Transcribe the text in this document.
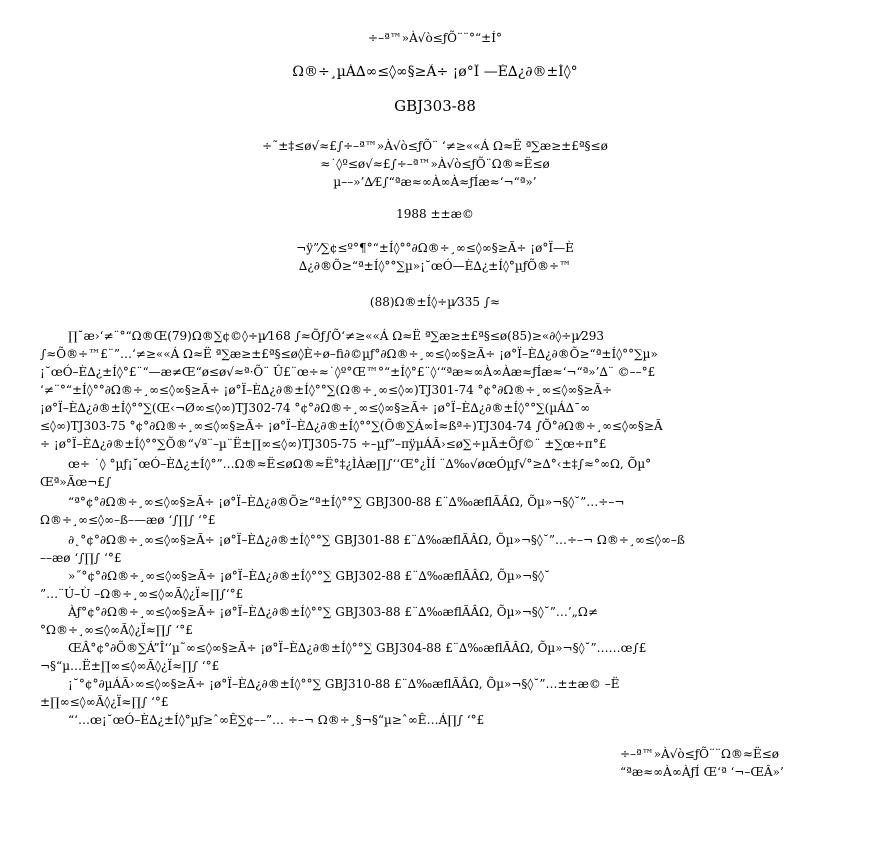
÷–ª™»À√ò≤ƒÕ¨¨°“±Í°
Ω®÷¸µÁ∆∞≤◊∞§≥Ã÷ ¡ø°Ï —È∆¿∂®±Í◊°
GBJ303-88
÷˜±‡≤ø√≈£∫÷–ª™»À√ò≤ƒÕ¨ ‘≠≥««Á Ω≈Ë ª∑æ≥±£ª§≤ø
≈˙◊º≤ø√≈£∫÷–ª™»À√ò≤ƒÕ¨Ω®≈Ë≤ø
µ––»’∆⁄£∫“ªæ≈∞À∞À≈ƒÍæ≈‘¬“ª»’
1988 ±±æ©
¬ÿ”⁄∑¢≤º°¶°“±Í◊°°∂Ω®÷¸∞≤◊∞§≥Ã÷ ¡ø°Ï—È
∆¿∂®Õ≥“ª±Í◊°°∑µ»¡˘œÓ—È∆¿±Í◊°µƒÕ®÷™
(88)Ω®±Í◊÷µ⁄335 ∫≈
∏˘æ›‘≠¨°“Ω®Œ(79)Ω®∑¢©◊÷µ⁄168 ∫≈Õƒ∫Õ‘≠≥««Á Ω≈Ë ª∑æ≥±£ª§≤ø(85)≥«∂◊÷µ⁄293
∫≈Õ®÷™£¨”…‘≠≥««Á Ω≈Ë ª∑æ≥±£ª§≤ø◊È÷ø–ﬁ∂©µƒ°∂Ω®÷¸∞≤◊∞§≥Ã÷ ¡ø°Ï–È∆¿∂®Õ≥“ª±Í◊°°∑µ»
¡˘œÓ–È∆¿±Í◊°£¨“—æ≠Œ“ø≤ø√≈ª·Õ¨ Û£¨œ÷≈˙◊º°Œ™°“±Í◊°£¨◊‘“ªæ≈∞À∞Àæ≈ƒÍæ≈‘¬“ª»’∆¨ ©––°£
‘≠¨°“±Í◊°°∂Ω®÷¸∞≤◊∞§≥Ã÷ ¡ø°Ï–È∆¿∂®±Í◊°°∑(Ω®÷¸∞≤◊∞)TJ301-74 °¢°∂Ω®÷¸∞≤◊∞§≥Ã÷
¡ø°Ï–È∆¿∂®±Í◊°°∑(Œ‹¬Ø∞≤◊∞)TJ302-74 °¢°∂Ω®÷¸∞≤◊∞§≥Ã÷ ¡ø°Ï–È∆¿∂®±Í◊°°∑(µÁ∆¯∞
≤◊∞)TJ303-75 °¢°∂Ω®÷¸∞≤◊∞§≥Ã÷ ¡ø°Ï–È∆¿∂®±Í◊°°∑(Õ®∑Á∞Ì≈ßª÷)TJ304-74 ∫Õ°∂Ω®÷¸∞≤◊∞§≥Ã
÷ ¡ø°Ï–È∆¿∂®±Í◊°°∑Õ®“√ª¨–µ¨Ë±∏∞≤◊∞)TJ305-75 ÷–µƒ”–πÿµÁÃ›≤ø∑÷µÃ±Õƒ©¨ ±∑œ÷π°£
œ÷ ˙◊ °µƒ¡˘œÓ–È∆¿±Í◊°”…Ω®≈Ë≤øΩ®≈Ë°‡¿ÌÀæ∏∫‘‘Œ°¿ÌÍ ¨∆‰√øœÓµƒ√°≥∆°‹±‡∫≈°∞Ω, Õµ°
Œª»Ãœ¬£∫
“ª°¢°∂Ω®÷¸∞≤◊∞§≥Ã÷ ¡ø°Ï–È∆¿∂®Õ≥“ª±Í◊°°∑ GBJ300-88 £¨∆‰æflÃÂΩ, Õµ»¬§◊˘”…÷–¬
Ω®÷¸∞≤◊∞–ß–—æø ‘∫∏∫ ‘°£
∂˛°¢°∂Ω®÷¸∞≤◊∞§≥Ã÷ ¡ø°Ï–È∆¿∂®±Í◊°°∑ GBJ301-88 £¨∆‰æflÃÂΩ, Õµ»¬§◊˘”…÷–¬ Ω®÷¸∞≤◊∞–ß
––æø ‘∫∏∫ ‘°£
»˝°¢°∂Ω®÷¸∞≤◊∞§≥Ã÷ ¡ø°Ï–È∆¿∂®±Í◊°°∑ GBJ302-88 £¨∆‰æflÃÂΩ, Õµ»¬§◊˘
”…¨Ú–Ù –Ω®÷¸∞≤◊∞Ã◊¿Ï≈∏∫‘°£
Àƒ°¢°∂Ω®÷¸∞≤◊∞§≥Ã÷ ¡ø°Ï–È∆¿∂®±Í◊°°∑ GBJ303-88 £¨∆‰æflÃÂΩ, Õµ»¬§◊˘”…’„Ω≠
°Ω®÷¸∞≤◊∞Ã◊¿Ï≈∏∫ ‘°£
ŒÂ°¢°∂Õ®∑Á”Î‘’µ˜∞≤◊∞§≥Ã÷ ¡ø°Ï–È∆¿∂®±Í◊°°∑ GBJ304-88 £¨∆‰æflÃÂΩ, Õµ»¬§◊˘”……œ∫£
¬§“µ…Ë±∏∞≤◊∞Ã◊¿Ï≈∏∫ ‘°£
¡˘°¢°∂µÁÃ›∞≤◊∞§≥Ã÷ ¡ø°Ï–È∆¿∂®±Í◊°°∑ GBJ310-88 £¨∆‰æflÃÂΩ, Õµ»¬§◊˘”…±±æ© –Ë
±∏∞≤◊∞Ã◊¿Ï≈∏∫ ‘°£
“‘…œ¡˘œÓ–È∆¿±Í◊°µƒ≥ˆ∞Ê∑¢––”… ÷–¬ Ω®÷¸§¬§“µ≥ˆ∞Ê…Á∏∫ ‘°£
÷–ª™»À√ò≤ƒÕ¨¨Ω®≈Ë≤ø
“ªæ≈∞À∞ÀƒÍ Œ‘ª ‘¬–ŒÂ»’
